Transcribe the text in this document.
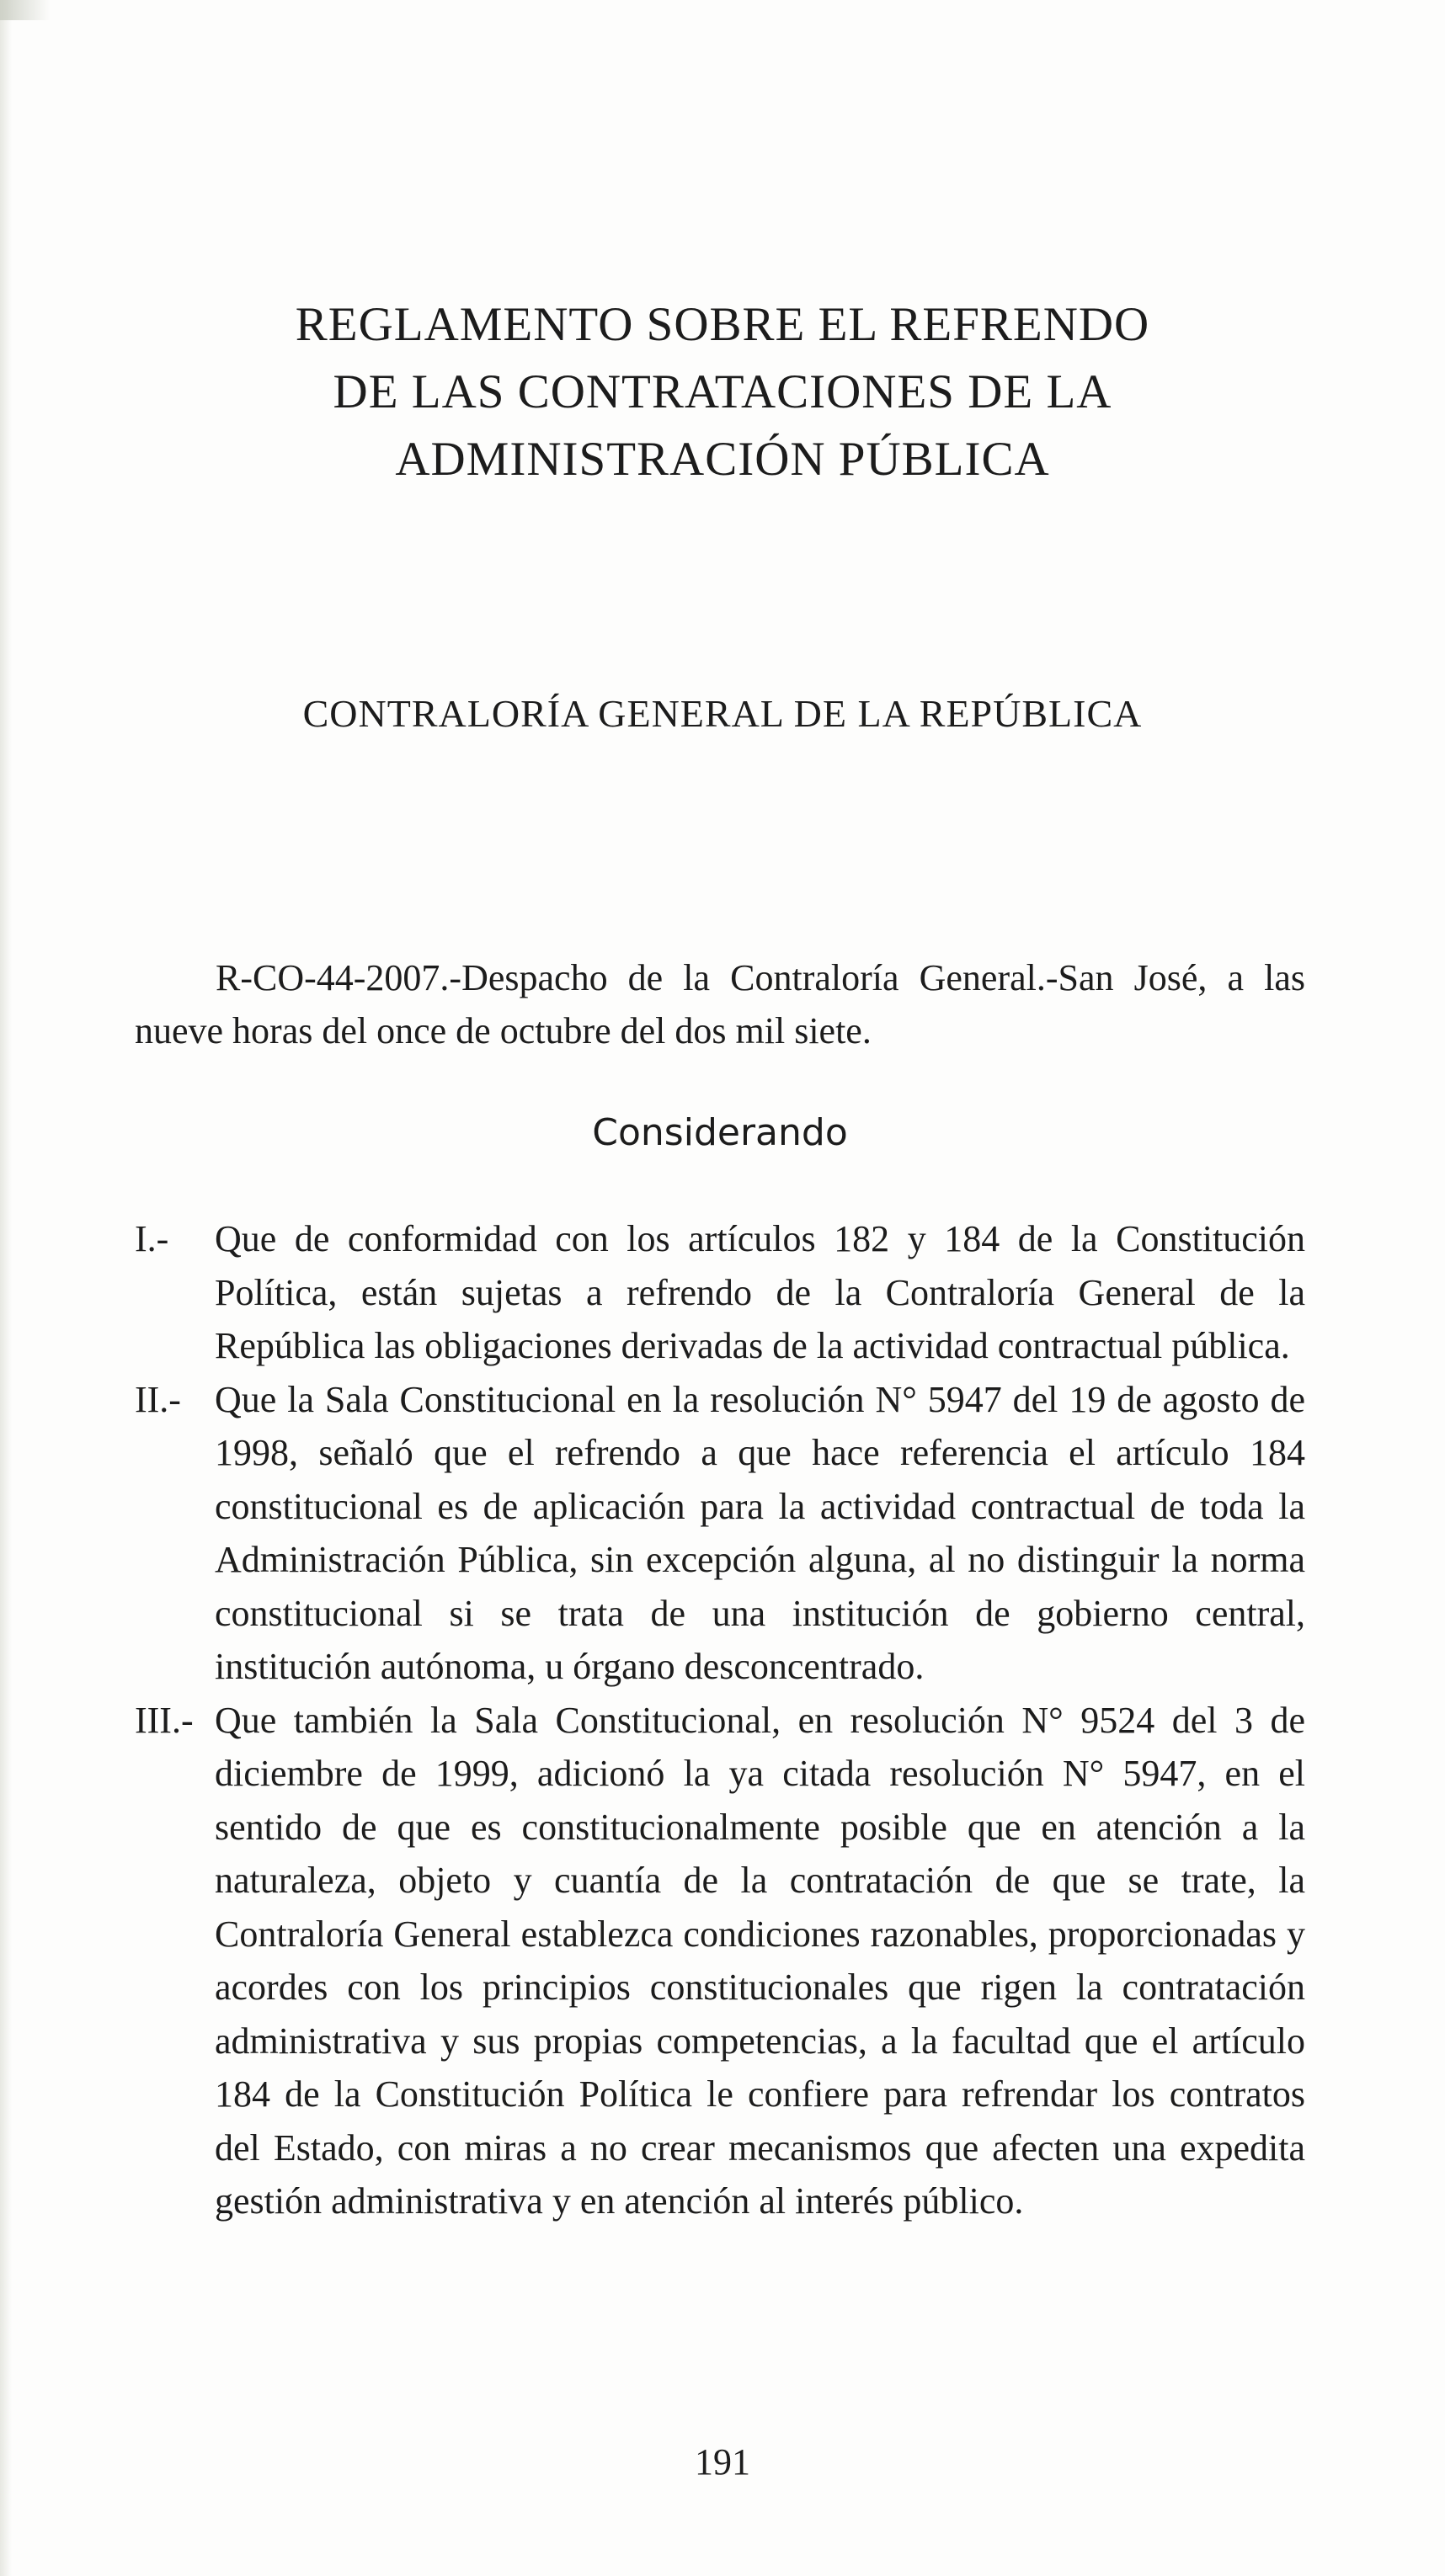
REGLAMENTO SOBRE EL REFRENDO
DE LAS CONTRATACIONES DE LA
ADMINISTRACIÓN PÚBLICA
CONTRALORÍA GENERAL DE LA REPÚBLICA

R-CO-44-2007.-Despacho de la Contraloría General.-San José, a las nueve horas del once de octubre del dos mil siete.

Considerando
I.- Que de conformidad con los artículos 182 y 184 de la Constitución Política, están sujetas a refrendo de la Contraloría General de la República las obligaciones derivadas de la actividad contractual pública.
II.- Que la Sala Constitucional en la resolución N° 5947 del 19 de agosto de 1998, señaló que el refrendo a que hace referencia el artículo 184 constitucional es de aplicación para la actividad contractual de toda la Administración Pública, sin excepción alguna, al no distinguir la norma constitucional si se trata de una institución de gobierno central, institución autónoma, u órgano desconcentrado.
III.- Que también la Sala Constitucional, en resolución N° 9524 del 3 de diciembre de 1999, adicionó la ya citada resolución N° 5947, en el sentido de que es constitucionalmente posible que en atención a la naturaleza, objeto y cuantía de la contratación de que se trate, la Contraloría General establezca condiciones razonables, proporcionadas y acordes con los principios constitucionales que rigen la contratación administrativa y sus propias competencias, a la facultad que el artículo 184 de la Constitución Política le confiere para refrendar los contratos del Estado, con miras a no crear mecanismos que afecten una expedita gestión administrativa y en atención al interés público.

191
